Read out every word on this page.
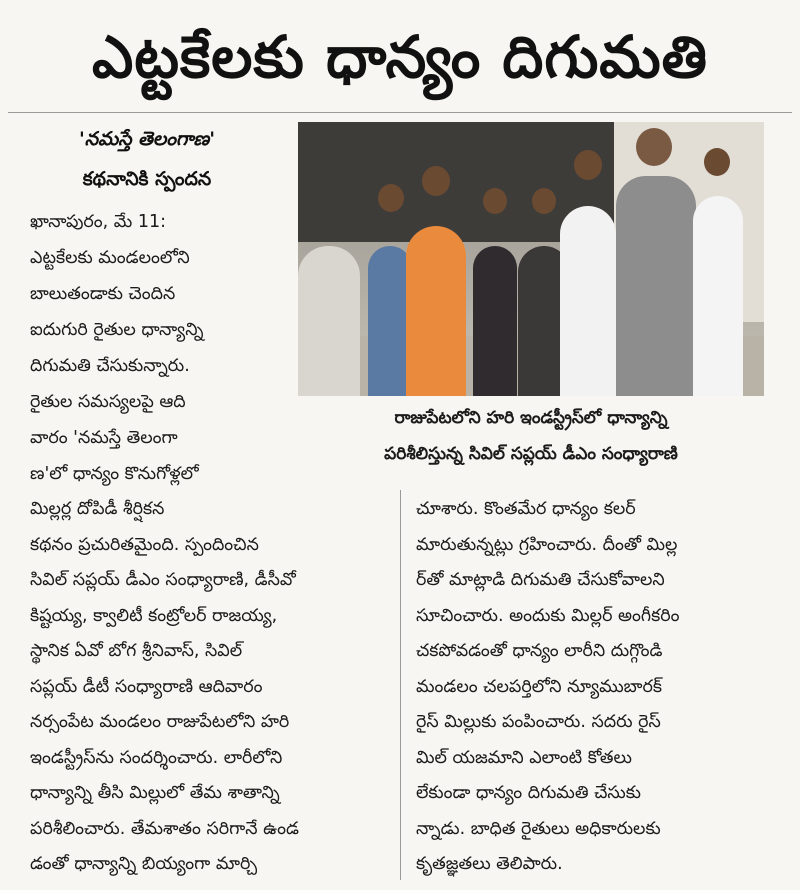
ఎట్టకేలకు ధాన్యం దిగుమతి
'నమస్తే తెలంగాణ'
కథనానికి స్పందన

ఖానాపురం, మే 11:

ఎట్టకేలకు మండలంలోని

బాలుతండాకు చెందిన

ఐదుగురి రైతుల ధాన్యాన్ని

దిగుమతి చేసుకున్నారు.

రైతుల సమస్యలపై ఆది

వారం 'నమస్తే తెలంగా

ణ'లో ధాన్యం కొనుగోళ్లలో

రాజుపేటలోని హరి ఇండస్ట్రీస్‌లో ధాన్యాన్ని
పరిశీలిస్తున్న సివిల్ సప్లయ్ డీఎం సంధ్యారాణి

మిల్లర్ల దోపిడీ శీర్షికన

కథనం ప్రచురితమైంది. స్పందించిన

సివిల్ సప్లయ్ డీఎం సంధ్యారాణి, డీసీవో

కిష్టయ్య, క్వాలిటీ కంట్రోలర్ రాజయ్య,

స్థానిక ఏవో బోగ శ్రీనివాస్, సివిల్

సప్లయ్ డీటీ సంధ్యారాణి ఆదివారం

నర్సంపేట మండలం రాజుపేటలోని హరి

ఇండస్ట్రీస్‌ను సందర్శించారు. లారీలోని

ధాన్యాన్ని తీసి మిల్లులో తేమ శాతాన్ని

పరిశీలించారు. తేమశాతం సరిగానే ఉండ

డంతో ధాన్యాన్ని బియ్యంగా మార్చి

చూశారు. కొంతమేర ధాన్యం కలర్

మారుతున్నట్లు గ్రహించారు. దీంతో మిల్ల

ర్‌తో మాట్లాడి దిగుమతి చేసుకోవాలని

సూచించారు. అందుకు మిల్లర్ అంగీకరిం

చకపోవడంతో ధాన్యం లారీని దుగ్గొండి

మండలం చలపర్తిలోని న్యూముబారక్

రైస్ మిల్లుకు పంపించారు. సదరు రైస్

మిల్ యజమాని ఎలాంటి కోతలు

లేకుండా ధాన్యం దిగుమతి చేసుకు

న్నాడు. బాధిత రైతులు అధికారులకు

కృతజ్ఞతలు తెలిపారు.
